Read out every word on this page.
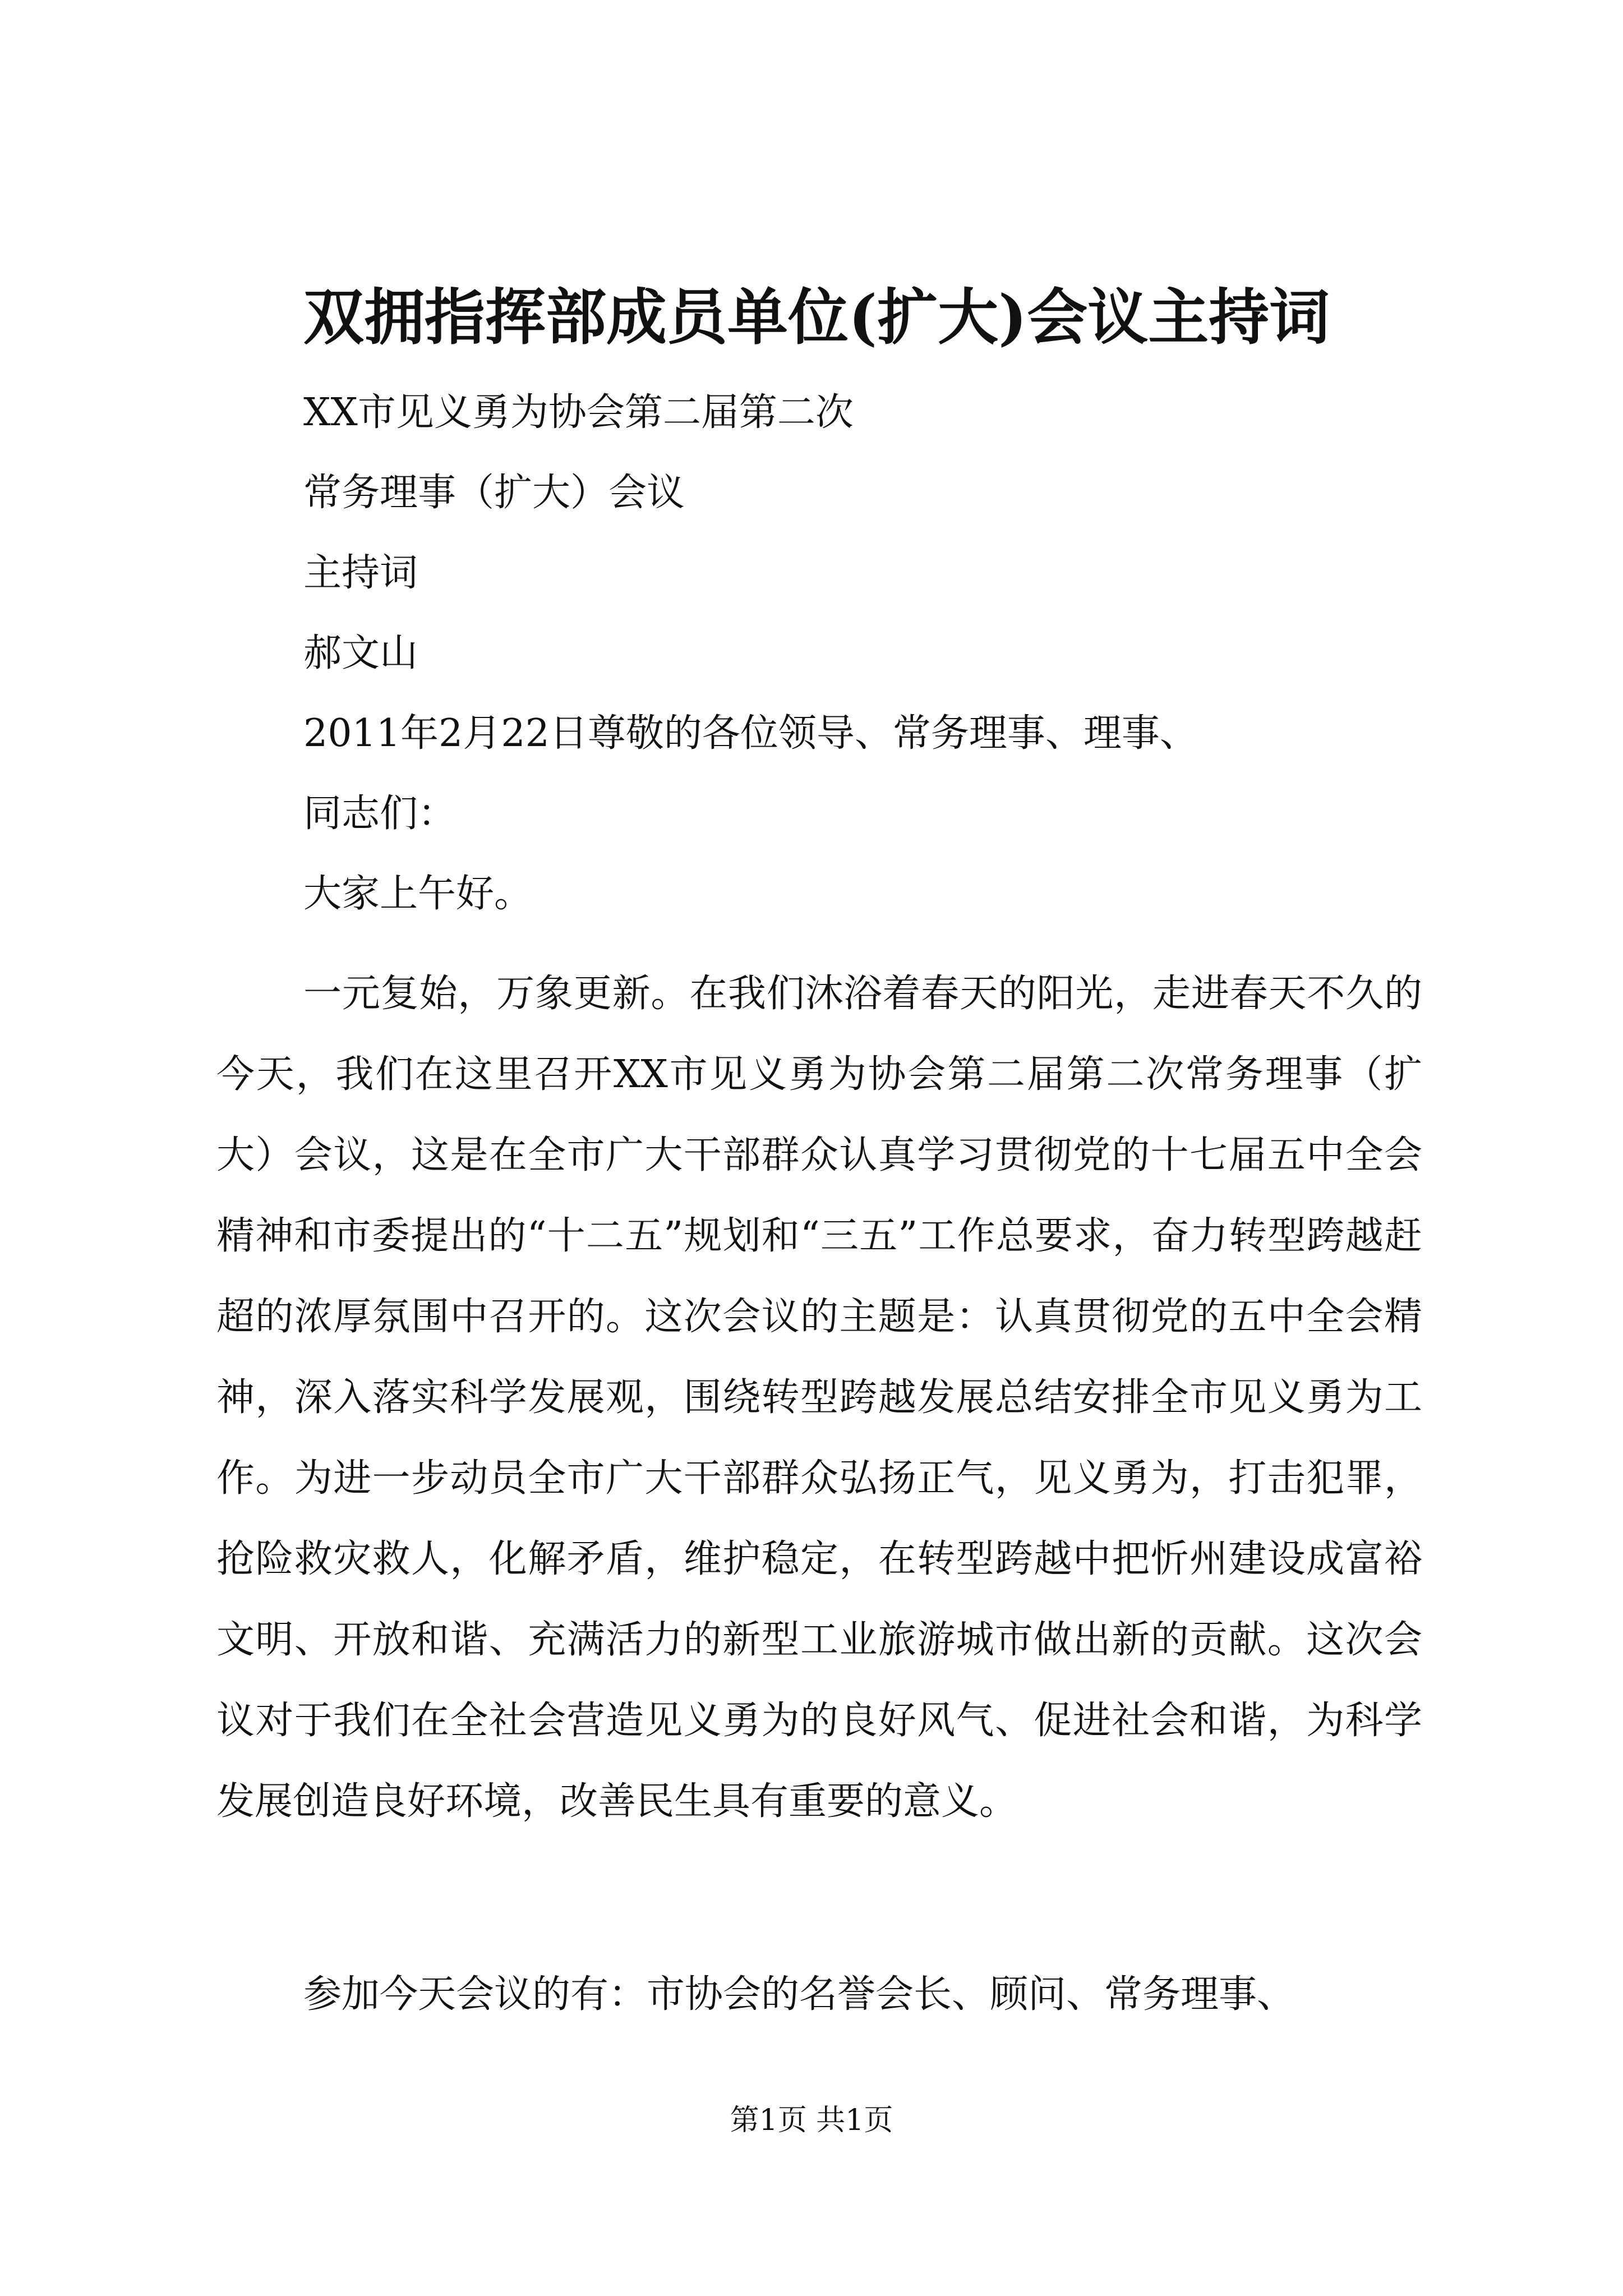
双拥指挥部成员单位(扩大)会议主持词

XX市见义勇为协会第二届第二次

常务理事（扩大）会议

主持词

郝文山

2011年2月22日尊敬的各位领导、常务理事、理事、

同志们：

大家上午好。

一元复始，万象更新。在我们沐浴着春天的阳光，走进春天不久的今天，我们在这里召开XX市见义勇为协会第二届第二次常务理事（扩大）会议，这是在全市广大干部群众认真学习贯彻党的十七届五中全会精神和市委提出的“十二五”规划和“三五”工作总要求，奋力转型跨越赶超的浓厚氛围中召开的。这次会议的主题是：认真贯彻党的五中全会精神，深入落实科学发展观，围绕转型跨越发展总结安排全市见义勇为工作。为进一步动员全市广大干部群众弘扬正气，见义勇为，打击犯罪，抢险救灾救人，化解矛盾，维护稳定，在转型跨越中把忻州建设成富裕文明、开放和谐、充满活力的新型工业旅游城市做出新的贡献。这次会议对于我们在全社会营造见义勇为的良好风气、促进社会和谐，为科学发展创造良好环境，改善民生具有重要的意义。

参加今天会议的有：市协会的名誉会长、顾问、常务理事、

第1页 共1页
